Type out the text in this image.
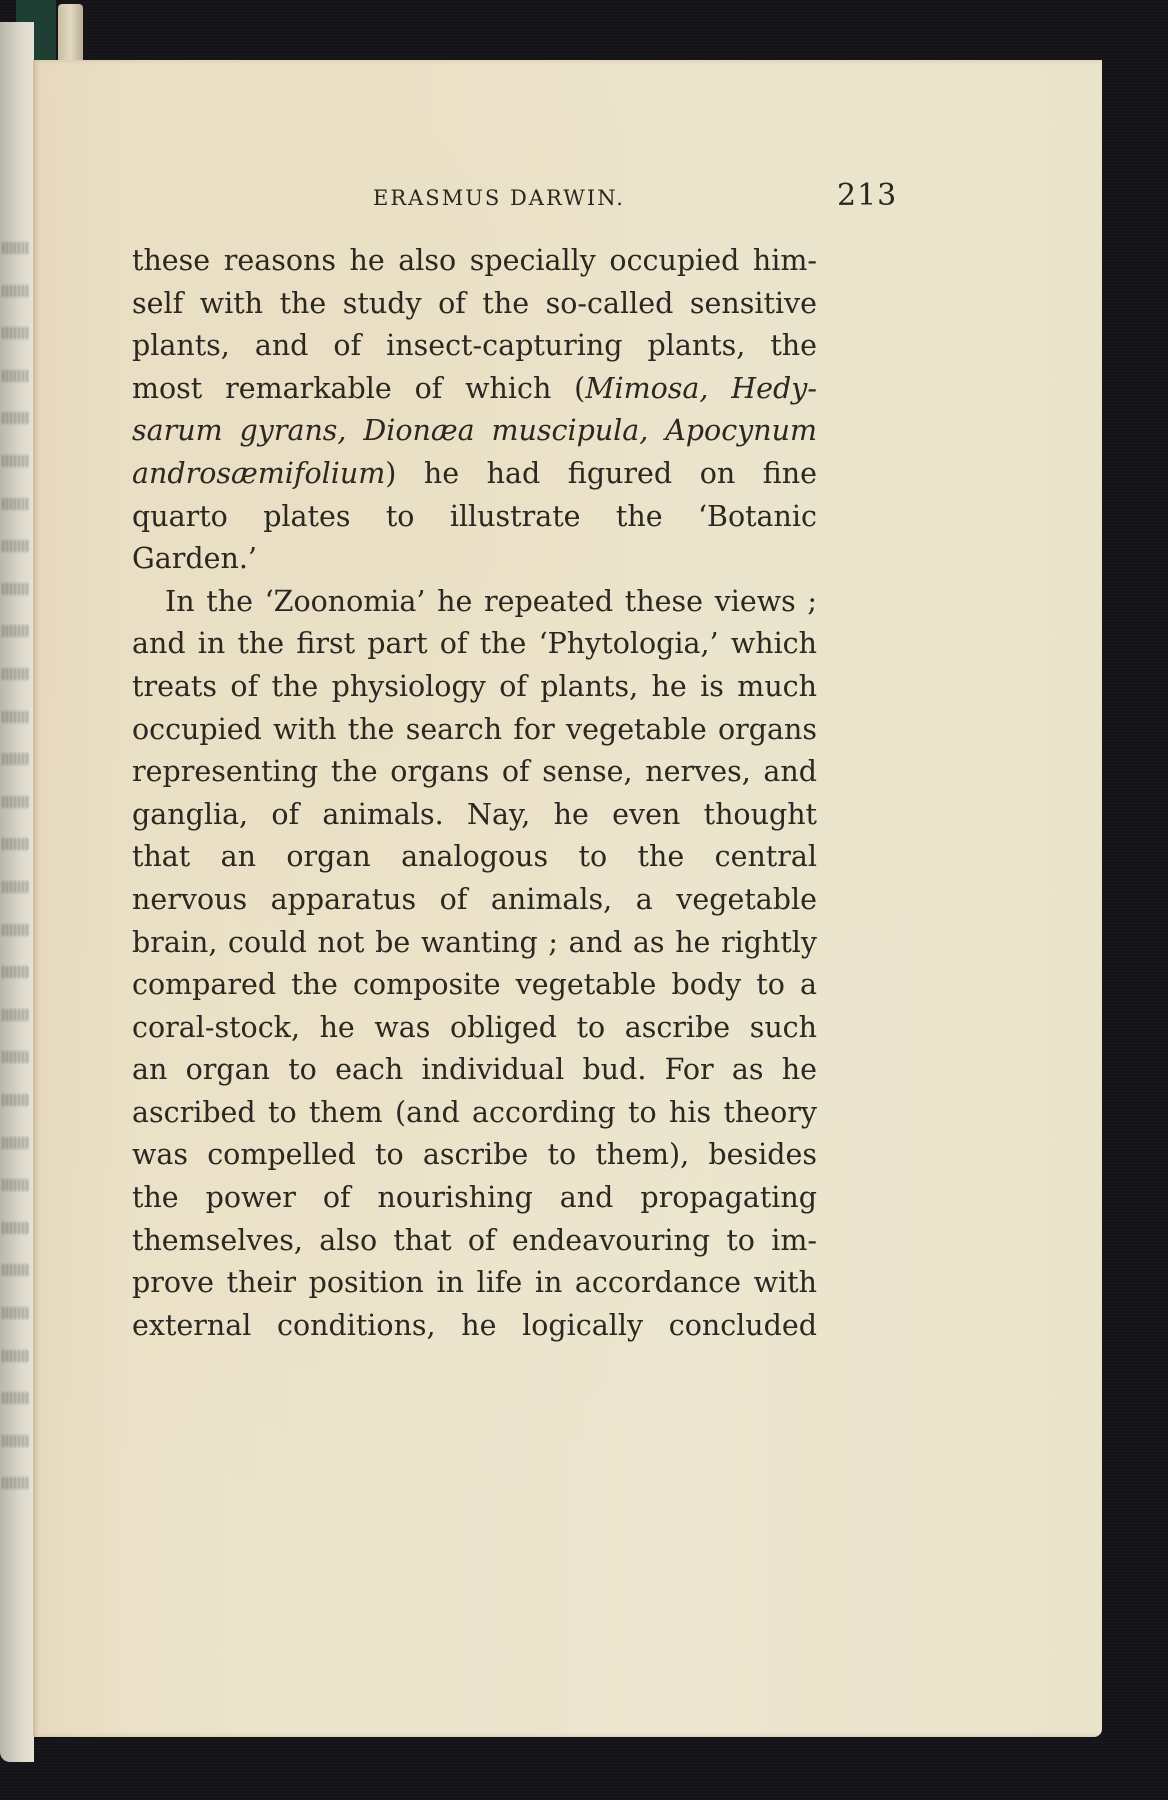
ERASMUS DARWIN.	213
these reasons he also specially occupied him-
self with the study of the so-called sensitive
plants, and of insect-capturing plants, the
most remarkable of which (Mimosa, Hedy-
sarum gyrans, Dionæa muscipula, Apocynum
androsæmifolium) he had figured on fine
quarto plates to illustrate the ‘Botanic
Garden.’
In the ‘Zoonomia’ he repeated these views ;
and in the first part of the ‘Phytologia,’ which
treats of the physiology of plants, he is much
occupied with the search for vegetable organs
representing the organs of sense, nerves, and
ganglia, of animals. Nay, he even thought
that an organ analogous to the central
nervous apparatus of animals, a vegetable
brain, could not be wanting ; and as he rightly
compared the composite vegetable body to a
coral-stock, he was obliged to ascribe such
an organ to each individual bud. For as he
ascribed to them (and according to his theory
was compelled to ascribe to them), besides
the power of nourishing and propagating
themselves, also that of endeavouring to im-
prove their position in life in accordance with
external conditions, he logically concluded
